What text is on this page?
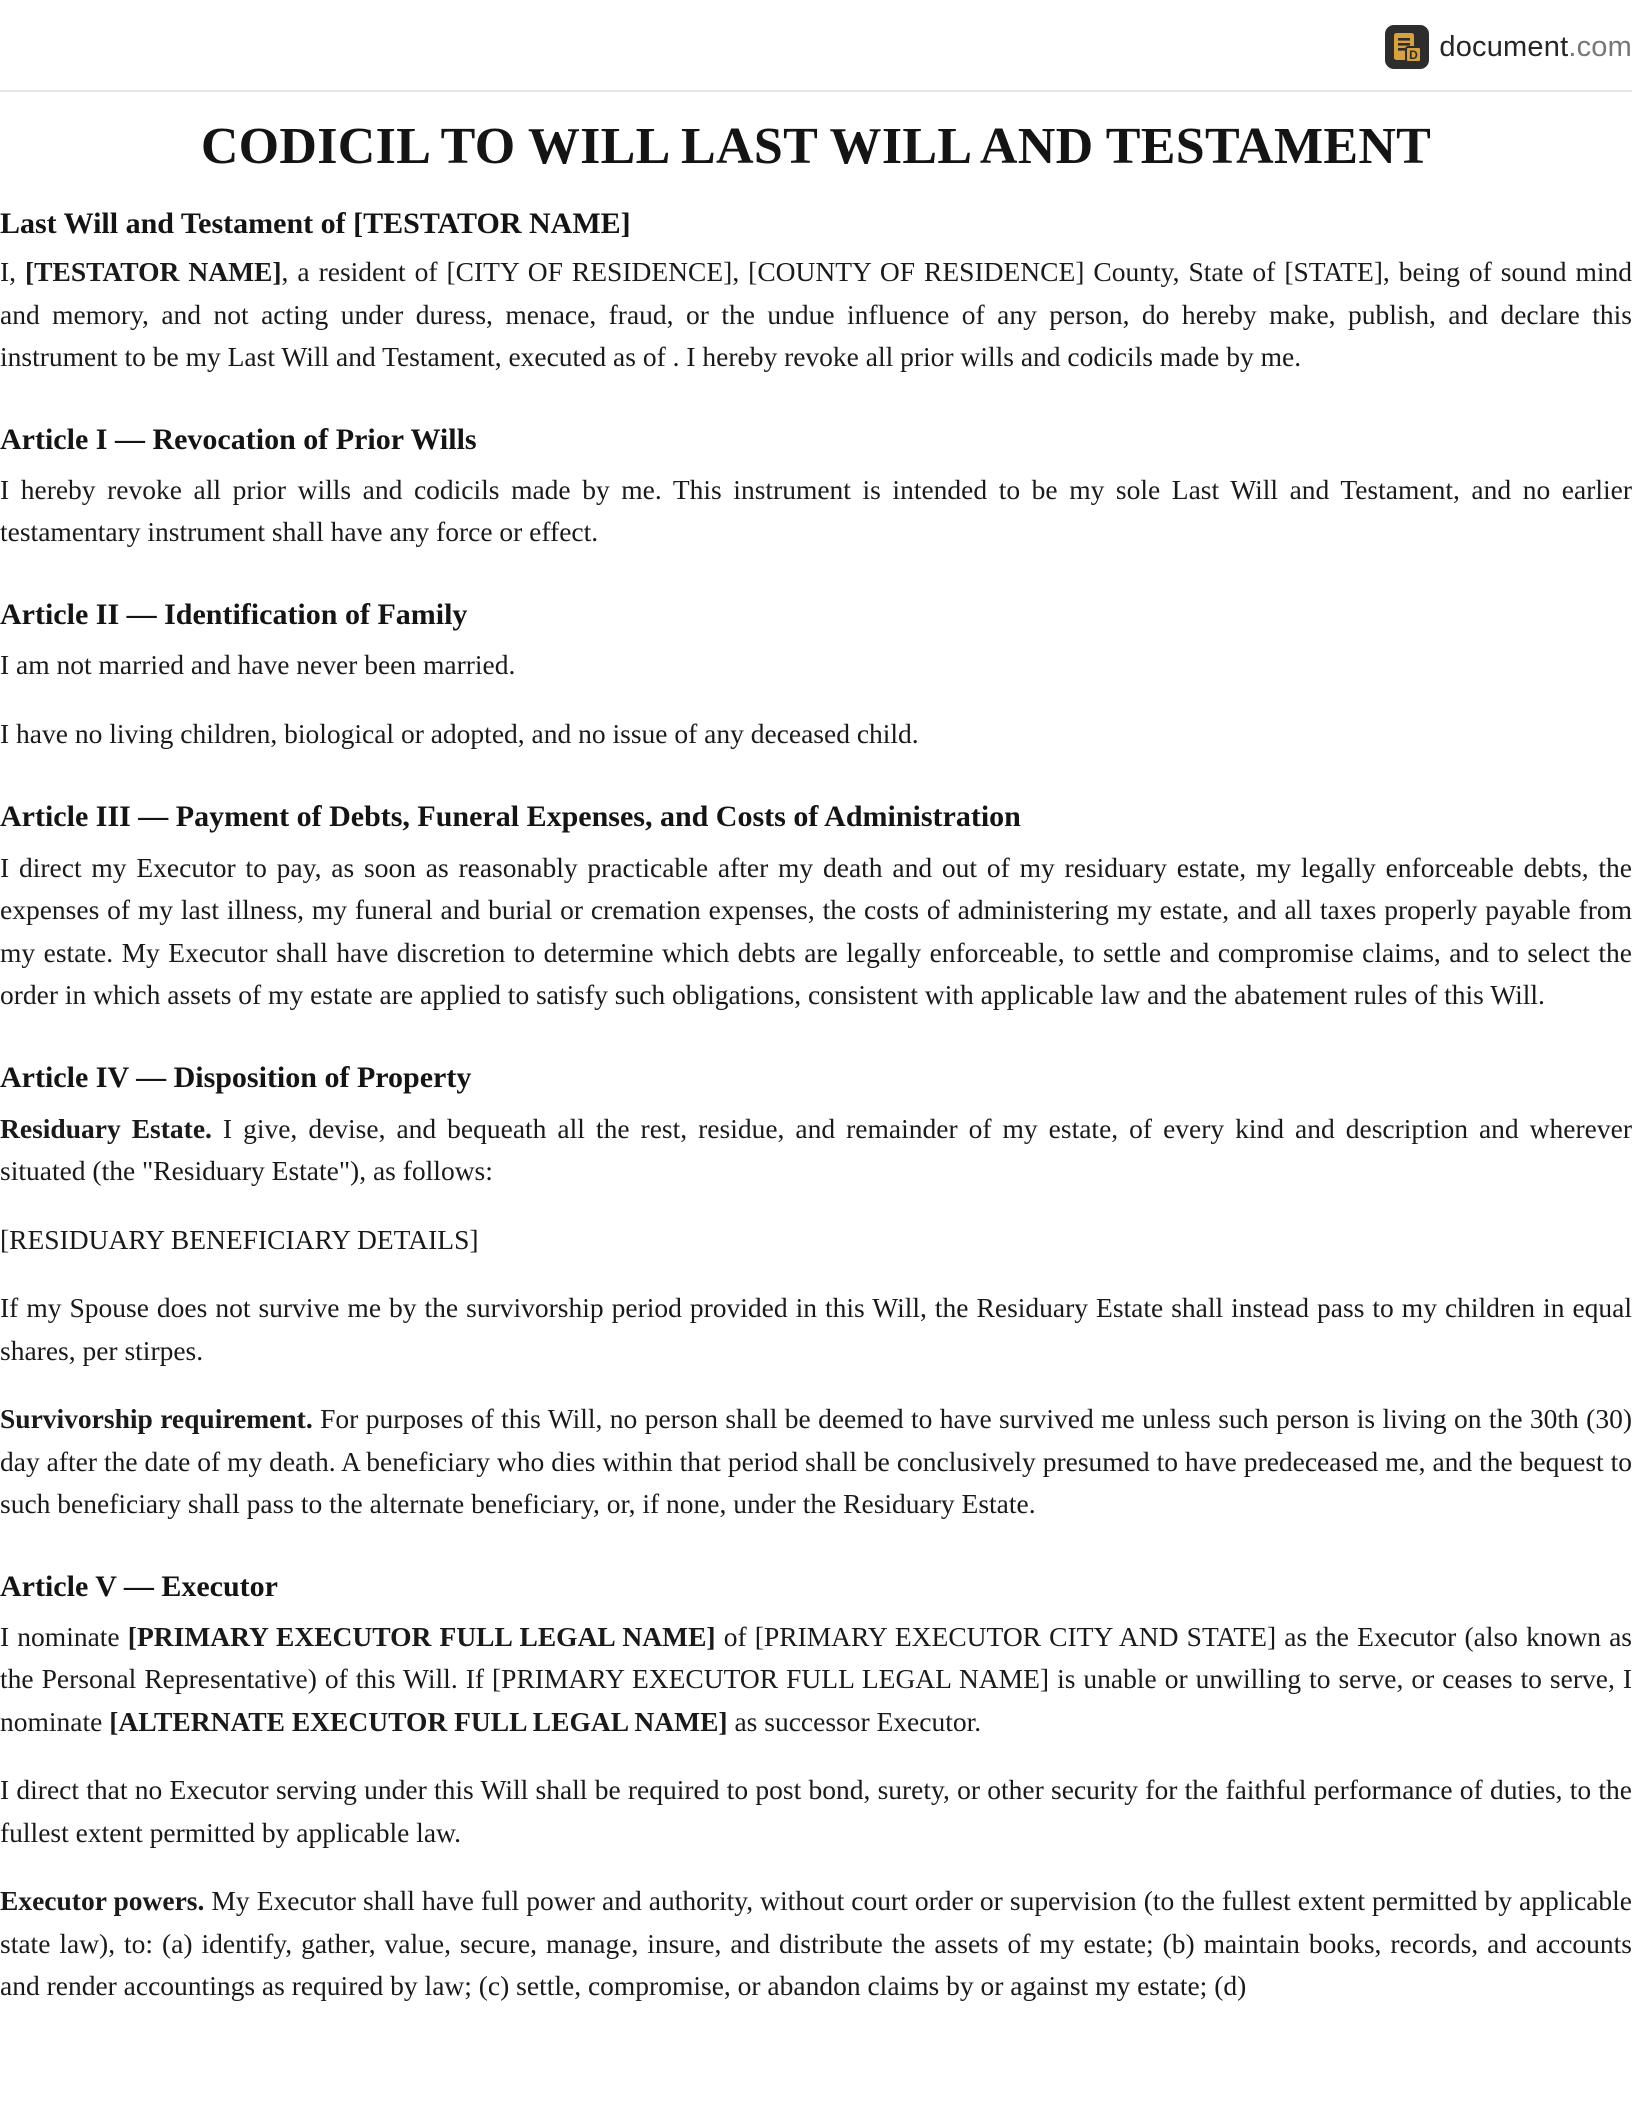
D document.com
CODICIL TO WILL LAST WILL AND TESTAMENT
Last Will and Testament of [TESTATOR NAME]

I, [TESTATOR NAME], a resident of [CITY OF RESIDENCE], [COUNTY OF RESIDENCE] County, State of [STATE], being of sound mind and memory, and not acting under duress, menace, fraud, or the undue influence of any person, do hereby make, publish, and declare this instrument to be my Last Will and Testament, executed as of . I hereby revoke all prior wills and codicils made by me.

Article I — Revocation of Prior Wills

I hereby revoke all prior wills and codicils made by me. This instrument is intended to be my sole Last Will and Testament, and no earlier testamentary instrument shall have any force or effect.

Article II — Identification of Family

I am not married and have never been married.

I have no living children, biological or adopted, and no issue of any deceased child.

Article III — Payment of Debts, Funeral Expenses, and Costs of Administration

I direct my Executor to pay, as soon as reasonably practicable after my death and out of my residuary estate, my legally enforceable debts, the expenses of my last illness, my funeral and burial or cremation expenses, the costs of administering my estate, and all taxes properly payable from my estate. My Executor shall have discretion to determine which debts are legally enforceable, to settle and compromise claims, and to select the order in which assets of my estate are applied to satisfy such obligations, consistent with applicable law and the abatement rules of this Will.

Article IV — Disposition of Property

Residuary Estate. I give, devise, and bequeath all the rest, residue, and remainder of my estate, of every kind and description and wherever situated (the "Residuary Estate"), as follows:

[RESIDUARY BENEFICIARY DETAILS]

If my Spouse does not survive me by the survivorship period provided in this Will, the Residuary Estate shall instead pass to my children in equal shares, per stirpes.

Survivorship requirement. For purposes of this Will, no person shall be deemed to have survived me unless such person is living on the 30th (30) day after the date of my death. A beneficiary who dies within that period shall be conclusively presumed to have predeceased me, and the bequest to such beneficiary shall pass to the alternate beneficiary, or, if none, under the Residuary Estate.

Article V — Executor

I nominate [PRIMARY EXECUTOR FULL LEGAL NAME] of [PRIMARY EXECUTOR CITY AND STATE] as the Executor (also known as the Personal Representative) of this Will. If [PRIMARY EXECUTOR FULL LEGAL NAME] is unable or unwilling to serve, or ceases to serve, I nominate [ALTERNATE EXECUTOR FULL LEGAL NAME] as successor Executor.

I direct that no Executor serving under this Will shall be required to post bond, surety, or other security for the faithful performance of duties, to the fullest extent permitted by applicable law.

Executor powers. My Executor shall have full power and authority, without court order or supervision (to the fullest extent permitted by applicable state law), to: (a) identify, gather, value, secure, manage, insure, and distribute the assets of my estate; (b) maintain books, records, and accounts and render accountings as required by law; (c) settle, compromise, or abandon claims by or against my estate; (d)
